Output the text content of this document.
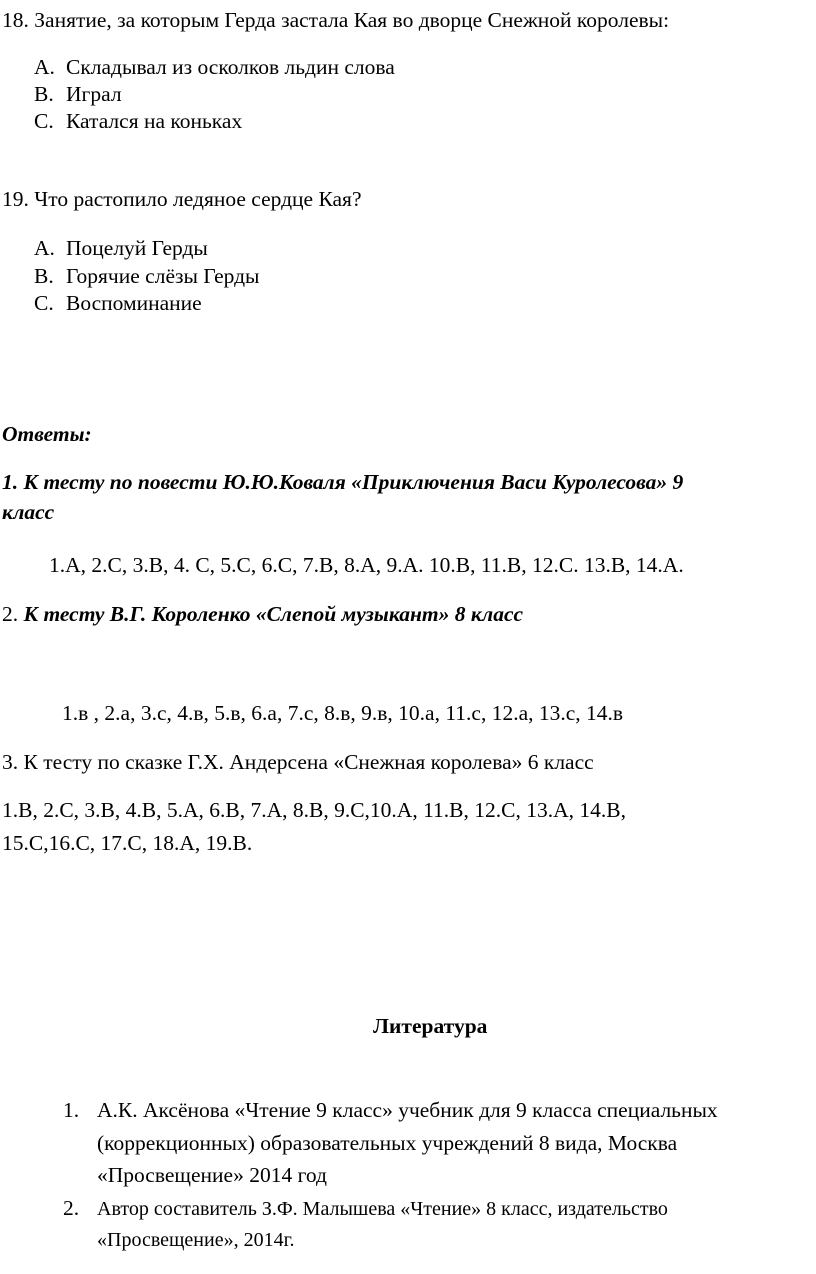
18. Занятие, за которым Герда застала Кая во дворце Снежной королевы:
A. Складывал из осколков льдин слова
B. Играл
C. Катался на коньках
19. Что растопило ледяное сердце Кая?
A. Поцелуй Герды
B. Горячие слёзы Герды
C. Воспоминание
Ответы:
1. К тесту по повести Ю.Ю.Коваля «Приключения Васи Куролесова» 9
класс
1.А, 2.С, 3.В, 4. С, 5.С, 6.С, 7.В, 8.А, 9.А. 10.В, 11.В, 12.С. 13.В, 14.А.
2. К тесту В.Г. Короленко «Слепой музыкант» 8 класс
1.в , 2.а, 3.с, 4.в, 5.в, 6.а, 7.с, 8.в, 9.в, 10.а, 11.с, 12.а, 13.с, 14.в
3. К тесту по сказке Г.Х. Андерсена «Снежная королева» 6 класс
1.В, 2.С, 3.В, 4.В, 5.А, 6.В, 7.А, 8.В, 9.С,10.А, 11.В, 12.С, 13.А, 14.В,
15.С,16.С, 17.С, 18.А, 19.В.
Литература
1. А.К. Аксёнова «Чтение 9 класс» учебник для 9 класса специальных
(коррекционных) образовательных учреждений 8 вида, Москва
«Просвещение» 2014 год
2. Автор составитель З.Ф. Малышева «Чтение» 8 класс, издательство
«Просвещение», 2014г.
